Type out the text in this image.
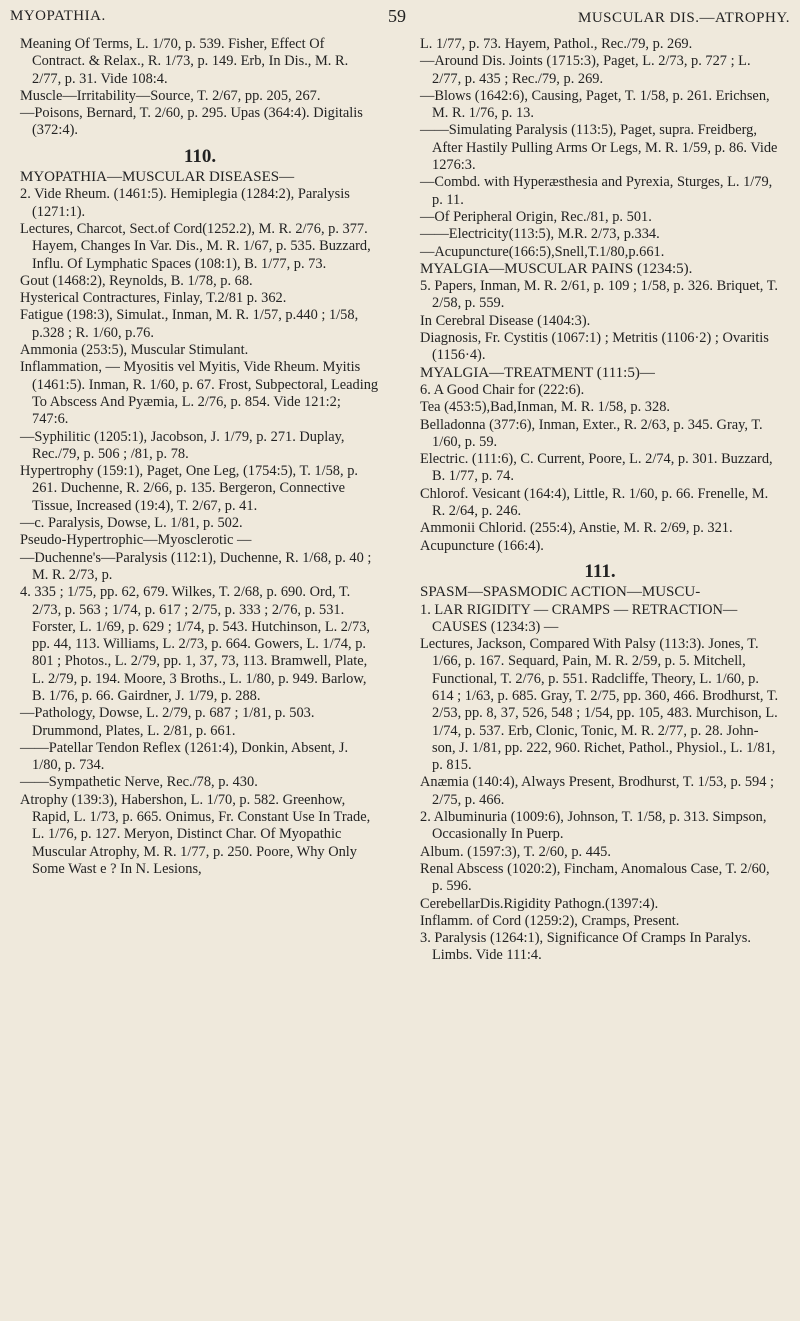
MYOPATHIA.	59	MUSCULAR DIS.—ATROPHY.
Meaning Of Terms, L. 1/70, p. 539. Fisher, Effect Of Contract. & Relax., R. 1/73, p. 149. Erb, In Dis., M. R. 2/77, p. 31. Vide 108:4.
Muscle—Irritability—Source, T. 2/67, pp. 205, 267.
—Poisons, Bernard, T. 2/60, p. 295. Upas (364:4). Digitalis (372:4).
110.
MYOPATHIA—MUSCULAR DISEASES—
2. Vide Rheum. (1461:5). Hemiplegia (1284:2), Paralysis (1271:1).
Lectures, Charcot, Sect.of Cord(1252.2), M. R. 2/76, p. 377. Hayem, Changes In Var. Dis., M. R. 1/67, p. 535. Buzzard, Influ. Of Lymphatic Spaces (108:1), B. 1/77, p. 73.
Gout (1468:2), Reynolds, B. 1/78, p. 68.
Hysterical Contractures, Finlay, T.2/81 p. 362.
Fatigue (198:3), Simulat., Inman, M. R. 1/57, p.440 ; 1/58, p.328 ; R. 1/60, p.76.
Ammonia (253:5), Muscular Stimulant.
Inflammation, — Myositis vel Myitis, Vide Rheum. Myitis (1461:5). Inman, R. 1/60, p. 67. Frost, Subpectoral, Leading To Abscess And Pyæmia, L. 2/76, p. 854. Vide 121:2; 747:6.
—Syphilitic (1205:1), Jacobson, J. 1/79, p. 271. Duplay, Rec./79, p. 506 ; /81, p. 78.
Hypertrophy (159:1), Paget, One Leg, (1754:5), T. 1/58, p. 261. Duchenne, R. 2/66, p. 135. Bergeron, Connective Tissue, Increased (19:4), T. 2/67, p. 41.
—c. Paralysis, Dowse, L. 1/81, p. 502.
Pseudo-Hypertrophic—Myosclerotic —
—Duchenne's—Paralysis (112:1), Duchenne, R. 1/68, p. 40 ; M. R. 2/73, p.
4. 335 ; 1/75, pp. 62, 679. Wilkes, T. 2/68, p. 690. Ord, T. 2/73, p. 563 ; 1/74, p. 617 ; 2/75, p. 333 ; 2/76, p. 531. Forster, L. 1/69, p. 629 ; 1/74, p. 543. Hutchinson, L. 2/73, pp. 44, 113. Williams, L. 2/73, p. 664. Gowers, L. 1/74, p. 801 ; Photos., L. 2/79, pp. 1, 37, 73, 113. Bramwell, Plate, L. 2/79, p. 194. Moore, 3 Broths., L. 1/80, p. 949. Barlow, B. 1/76, p. 66. Gairdner, J. 1/79, p. 288.
—Pathology, Dowse, L. 2/79, p. 687 ; 1/81, p. 503. Drummond, Plates, L. 2/81, p. 661.
——Patellar Tendon Reflex (1261:4), Donkin, Absent, J. 1/80, p. 734.
——Sympathetic Nerve, Rec./78, p. 430.
Atrophy (139:3), Habershon, L. 1/70, p. 582. Greenhow, Rapid, L. 1/73, p. 665. Onimus, Fr. Constant Use In Trade, L. 1/76, p. 127. Meryon, Distinct Char. Of Myopathic Muscular Atrophy, M. R. 1/77, p. 250. Poore, Why Only Some Wast e ? In N. Lesions,
L. 1/77, p. 73. Hayem, Pathol., Rec./79, p. 269.
—Around Dis. Joints (1715:3), Paget, L. 2/73, p. 727 ; L. 2/77, p. 435 ; Rec./79, p. 269.
—Blows (1642:6), Causing, Paget, T. 1/58, p. 261. Erichsen, M. R. 1/76, p. 13.
——Simulating Paralysis (113:5), Paget, supra. Freidberg, After Hastily Pulling Arms Or Legs, M. R. 1/59, p. 86. Vide 1276:3.
—Combd. with Hyperæsthesia and Pyrexia, Sturges, L. 1/79, p. 11.
—Of Peripheral Origin, Rec./81, p. 501.
——Electricity(113:5), M.R. 2/73, p.334.
—Acupuncture(166:5),Snell,T.1/80,p.661.
MYALGIA—MUSCULAR PAINS (1234:5).
5. Papers, Inman, M. R. 2/61, p. 109 ; 1/58, p. 326. Briquet, T. 2/58, p. 559.
In Cerebral Disease (1404:3).
Diagnosis, Fr. Cystitis (1067:1) ; Metritis (1106·2) ; Ovaritis (1156·4).
MYALGIA—TREATMENT (111:5)—
6. A Good Chair for (222:6).
Tea (453:5),Bad,Inman, M. R. 1/58, p. 328.
Belladonna (377:6), Inman, Exter., R. 2/63, p. 345. Gray, T. 1/60, p. 59.
Electric. (111:6), C. Current, Poore, L. 2/74, p. 301. Buzzard, B. 1/77, p. 74.
Chlorof. Vesicant (164:4), Little, R. 1/60, p. 66. Frenelle, M. R. 2/64, p. 246.
Ammonii Chlorid. (255:4), Anstie, M. R. 2/69, p. 321.
Acupuncture (166:4).
111.
SPASM—SPASMODIC ACTION—MUSCU-
1. LAR RIGIDITY — CRAMPS — RETRACTION—CAUSES (1234:3) —
Lectures, Jackson, Compared With Palsy (113:3). Jones, T. 1/66, p. 167. Sequard, Pain, M. R. 2/59, p. 5. Mitchell, Functional, T. 2/76, p. 551. Radcliffe, Theory, L. 1/60, p. 614 ; 1/63, p. 685. Gray, T. 2/75, pp. 360, 466. Brodhurst, T. 2/53, pp. 8, 37, 526, 548 ; 1/54, pp. 105, 483. Murchison, L. 1/74, p. 537. Erb, Clonic, Tonic, M. R. 2/77, p. 28. John-son, J. 1/81, pp. 222, 960. Richet, Pathol., Physiol., L. 1/81, p. 815.
Anæmia (140:4), Always Present, Brodhurst, T. 1/53, p. 594 ; 2/75, p. 466.
2. Albuminuria (1009:6), Johnson, T. 1/58, p. 313. Simpson, Occasionally In Puerp.
Album. (1597:3), T. 2/60, p. 445.
Renal Abscess (1020:2), Fincham, Anomalous Case, T. 2/60, p. 596.
CerebellarDis.Rigidity Pathogn.(1397:4).
Inflamm. of Cord (1259:2), Cramps, Present.
3. Paralysis (1264:1), Significance Of Cramps In Paralys. Limbs. Vide 111:4.
